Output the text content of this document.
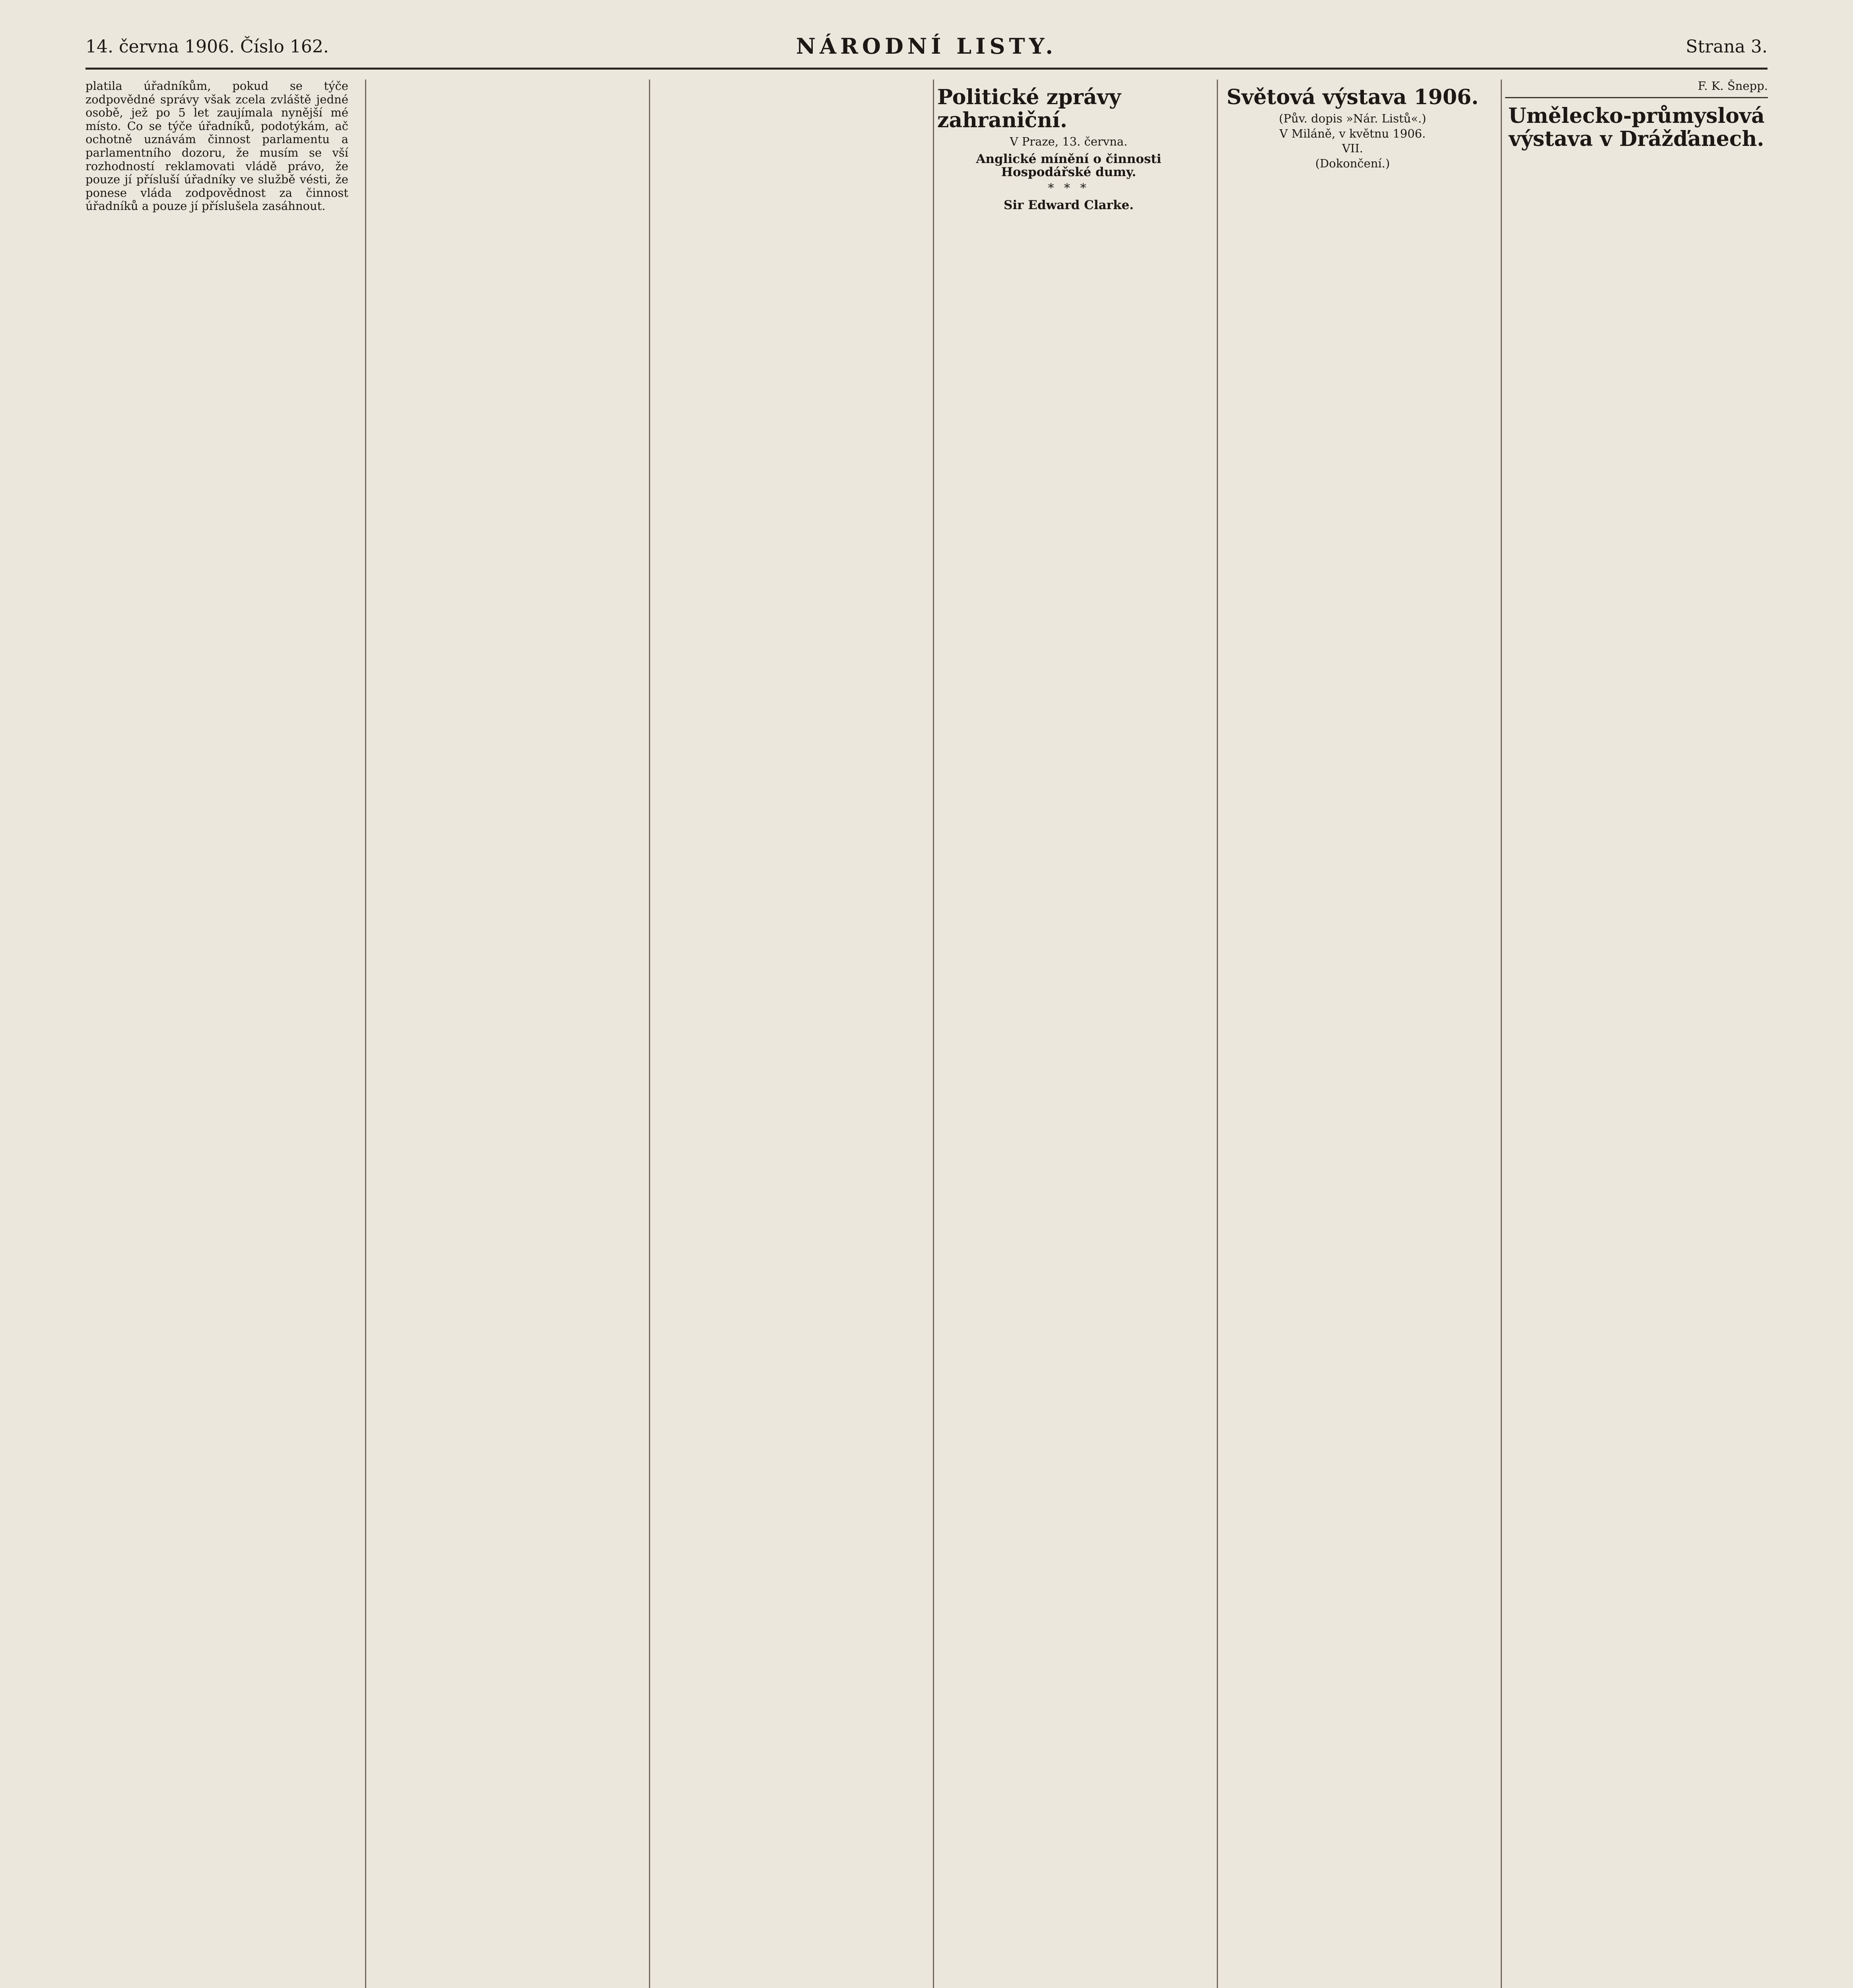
14. června 1906. Číslo 162.	NÁRODNÍ LISTY.	Strana 3.

platila úřadníkům, pokud se týče zodpovědné správy však zcela zvláště jedné osobě, jež po 5 let zaujímala nynější mé místo. Co se týče úřadníků, podotýkám, ač ochotně uznávám činnost parlamentu a parlamentního dozoru, že musím se vší rozhodností reklamovati vládě právo, že pouze jí přísluší úřadníky ve službě vésti, že ponese vláda zodpovědnost za činnost úřadníků a pouze jí příslušela zasáhnout.

Politické zprávy zahraniční.
V Praze, 13. června.
Anglické mínění o činnosti Hospodářské dumy.
* * *
Sir Edward Clarke.
Světová výstava 1906.
(Pův. dopis »Nár. Listů«.)
V Miláně, v květnu 1906.
VII.
(Dokončení.)

F. K. Šnepp.

Umělecko-průmyslová výstava v Drážďanech.
